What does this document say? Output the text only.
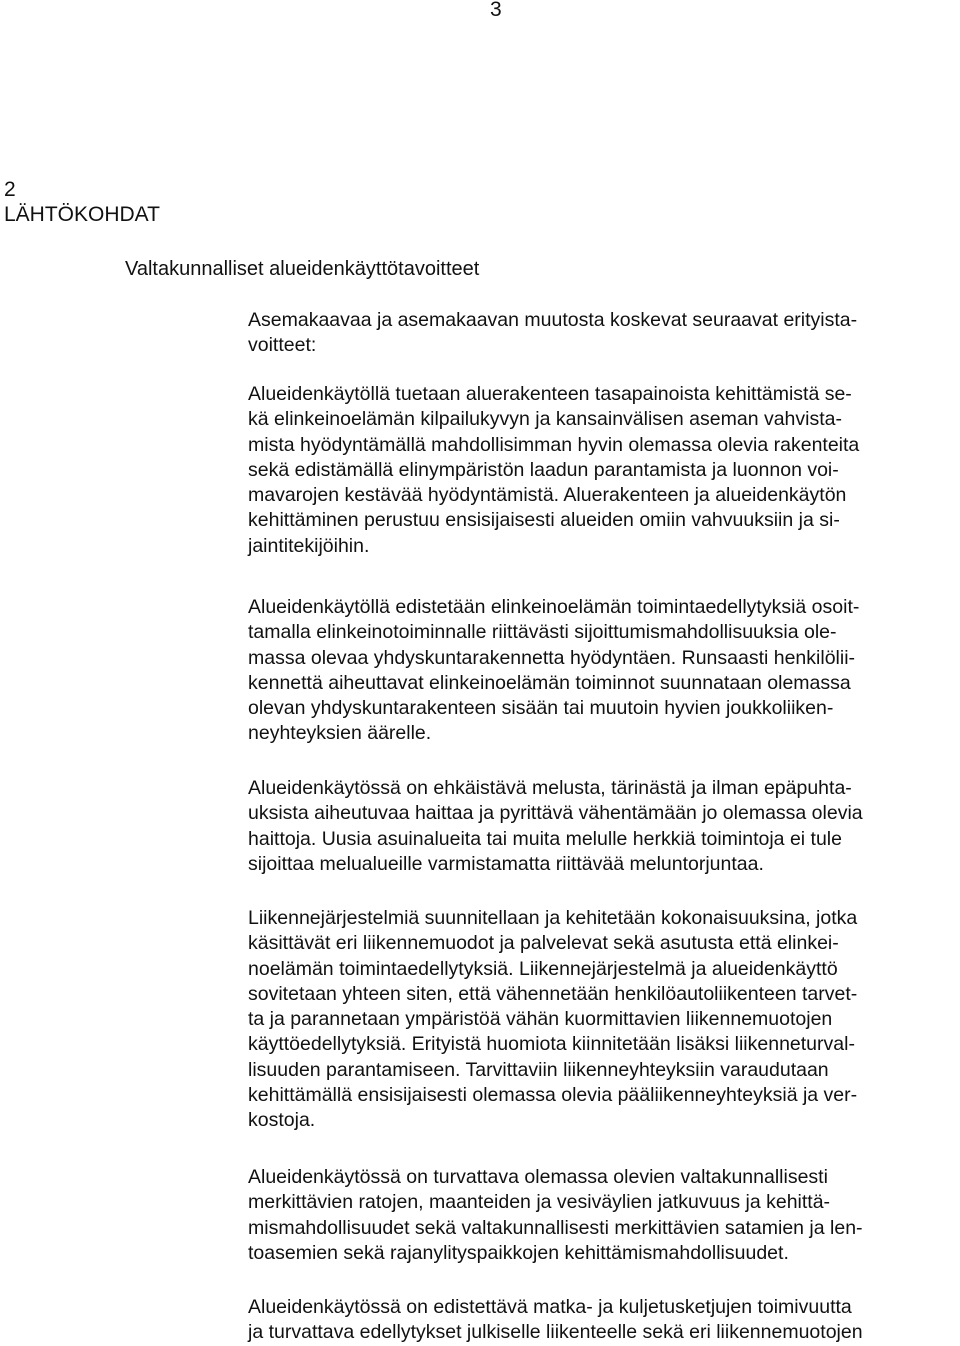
3
2
LÄHTÖKOHDAT
Valtakunnalliset alueidenkäyttötavoitteet
Asemakaavaa ja asemakaavan muutosta koskevat seuraavat erityista-
voitteet:
Alueidenkäytöllä tuetaan aluerakenteen tasapainoista kehittämistä se-
kä elinkeinoelämän kilpailukyvyn ja kansainvälisen aseman vahvista-
mista hyödyntämällä mahdollisimman hyvin olemassa olevia rakenteita
sekä edistämällä elinympäristön laadun parantamista ja luonnon voi-
mavarojen kestävää hyödyntämistä. Aluerakenteen ja alueidenkäytön
kehittäminen perustuu ensisijaisesti alueiden omiin vahvuuksiin ja si-
jaintitekijöihin.
Alueidenkäytöllä edistetään elinkeinoelämän toimintaedellytyksiä osoit-
tamalla elinkeinotoiminnalle riittävästi sijoittumismahdollisuuksia ole-
massa olevaa yhdyskuntarakennetta hyödyntäen. Runsaasti henkilölii-
kennettä aiheuttavat elinkeinoelämän toiminnot suunnataan olemassa
olevan yhdyskuntarakenteen sisään tai muutoin hyvien joukkoliiken-
neyhteyksien äärelle.
Alueidenkäytössä on ehkäistävä melusta, tärinästä ja ilman epäpuhta-
uksista aiheutuvaa haittaa ja pyrittävä vähentämään jo olemassa olevia
haittoja. Uusia asuinalueita tai muita melulle herkkiä toimintoja ei tule
sijoittaa melualueille varmistamatta riittävää meluntorjuntaa.
Liikennejärjestelmiä suunnitellaan ja kehitetään kokonaisuuksina, jotka
käsittävät eri liikennemuodot ja palvelevat sekä asutusta että elinkei-
noelämän toimintaedellytyksiä. Liikennejärjestelmä ja alueidenkäyttö
sovitetaan yhteen siten, että vähennetään henkilöautoliikenteen tarvet-
ta ja parannetaan ympäristöä vähän kuormittavien liikennemuotojen
käyttöedellytyksiä. Erityistä huomiota kiinnitetään lisäksi liikenneturval-
lisuuden parantamiseen. Tarvittaviin liikenneyhteyksiin varaudutaan
kehittämällä ensisijaisesti olemassa olevia pääliikenneyhteyksiä ja ver-
kostoja.
Alueidenkäytössä on turvattava olemassa olevien valtakunnallisesti
merkittävien ratojen, maanteiden ja vesiväylien jatkuvuus ja kehittä-
mismahdollisuudet sekä valtakunnallisesti merkittävien satamien ja len-
toasemien sekä rajanylityspaikkojen kehittämismahdollisuudet.
Alueidenkäytössä on edistettävä matka- ja kuljetusketjujen toimivuutta
ja turvattava edellytykset julkiselle liikenteelle sekä eri liikennemuotojen
